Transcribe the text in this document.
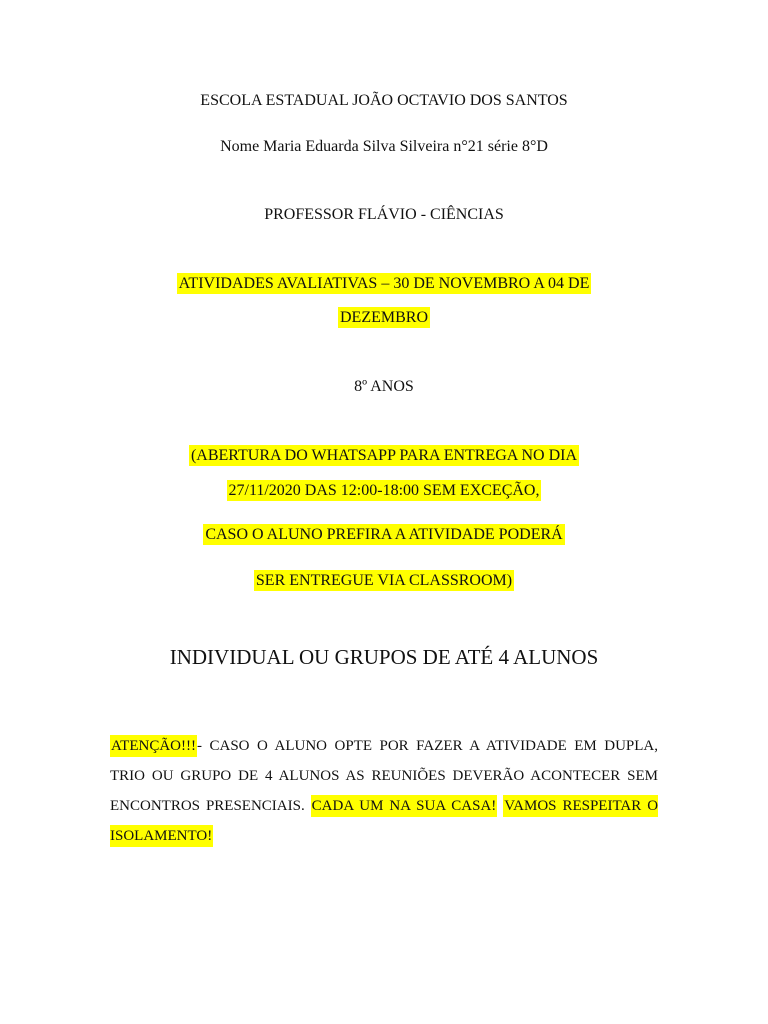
ESCOLA ESTADUAL JOÃO OCTAVIO DOS SANTOS
Nome Maria Eduarda Silva Silveira n°21 série 8°D
PROFESSOR FLÁVIO - CIÊNCIAS
ATIVIDADES AVALIATIVAS – 30 DE NOVEMBRO A 04 DE
DEZEMBRO
8º ANOS
(ABERTURA DO WHATSAPP PARA ENTREGA NO DIA
27/11/2020 DAS 12:00-18:00 SEM EXCEÇÃO,
CASO O ALUNO PREFIRA A ATIVIDADE PODERÁ
SER ENTREGUE VIA CLASSROOM)
INDIVIDUAL OU GRUPOS DE ATÉ 4 ALUNOS
ATENÇÃO!!!- CASO O ALUNO OPTE POR FAZER A ATIVIDADE EM DUPLA, TRIO OU GRUPO DE 4 ALUNOS AS REUNIÕES DEVERÃO ACONTECER SEM ENCONTROS PRESENCIAIS. CADA UM NA SUA CASA! VAMOS RESPEITAR O ISOLAMENTO!
